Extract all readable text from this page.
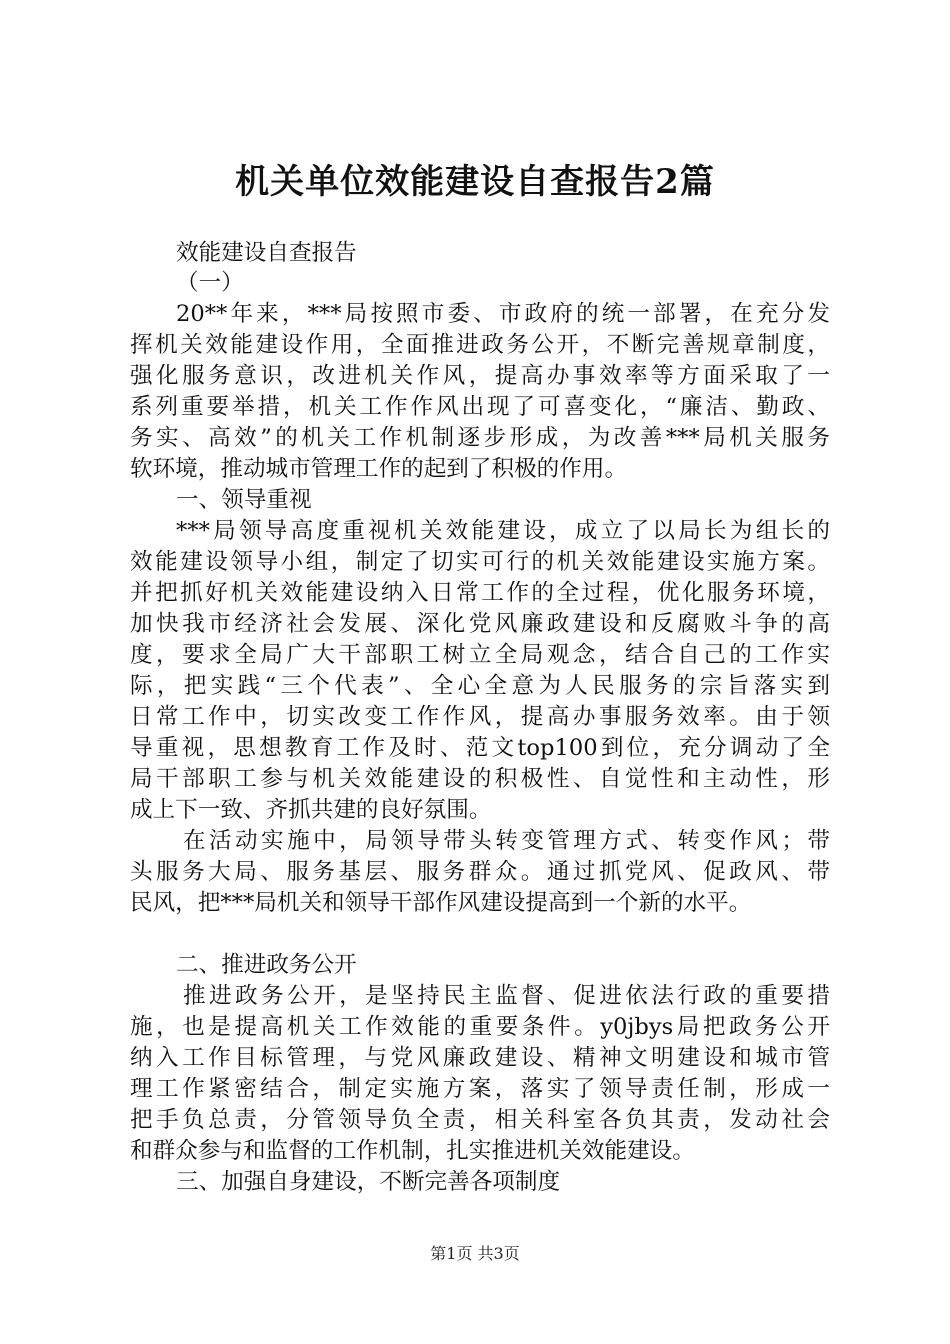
机关单位效能建设自查报告2篇

效能建设自查报告

（一）

20**年来，***局按照市委、市政府的统一部署，在充分发

挥机关效能建设作用，全面推进政务公开，不断完善规章制度，

强化服务意识，改进机关作风，提高办事效率等方面采取了一

系列重要举措，机关工作作风出现了可喜变化，“廉洁、勤政、

务实、高效”的机关工作机制逐步形成，为改善***局机关服务

软环境，推动城市管理工作的起到了积极的作用。

一、领导重视

***局领导高度重视机关效能建设，成立了以局长为组长的

效能建设领导小组，制定了切实可行的机关效能建设实施方案。

并把抓好机关效能建设纳入日常工作的全过程，优化服务环境，

加快我市经济社会发展、深化党风廉政建设和反腐败斗争的高

度，要求全局广大干部职工树立全局观念，结合自己的工作实

际，把实践“三个代表”、全心全意为人民服务的宗旨落实到

日常工作中，切实改变工作作风，提高办事服务效率。由于领

导重视，思想教育工作及时、范文top100到位，充分调动了全

局干部职工参与机关效能建设的积极性、自觉性和主动性，形

成上下一致、齐抓共建的良好氛围。

在活动实施中，局领导带头转变管理方式、转变作风；带

头服务大局、服务基层、服务群众。通过抓党风、促政风、带

民风，把***局机关和领导干部作风建设提高到一个新的水平。

二、推进政务公开

推进政务公开，是坚持民主监督、促进依法行政的重要措

施，也是提高机关工作效能的重要条件。y0jbys局把政务公开

纳入工作目标管理，与党风廉政建设、精神文明建设和城市管

理工作紧密结合，制定实施方案，落实了领导责任制，形成一

把手负总责，分管领导负全责，相关科室各负其责，发动社会

和群众参与和监督的工作机制，扎实推进机关效能建设。

三、加强自身建设，不断完善各项制度

第1页 共3页
